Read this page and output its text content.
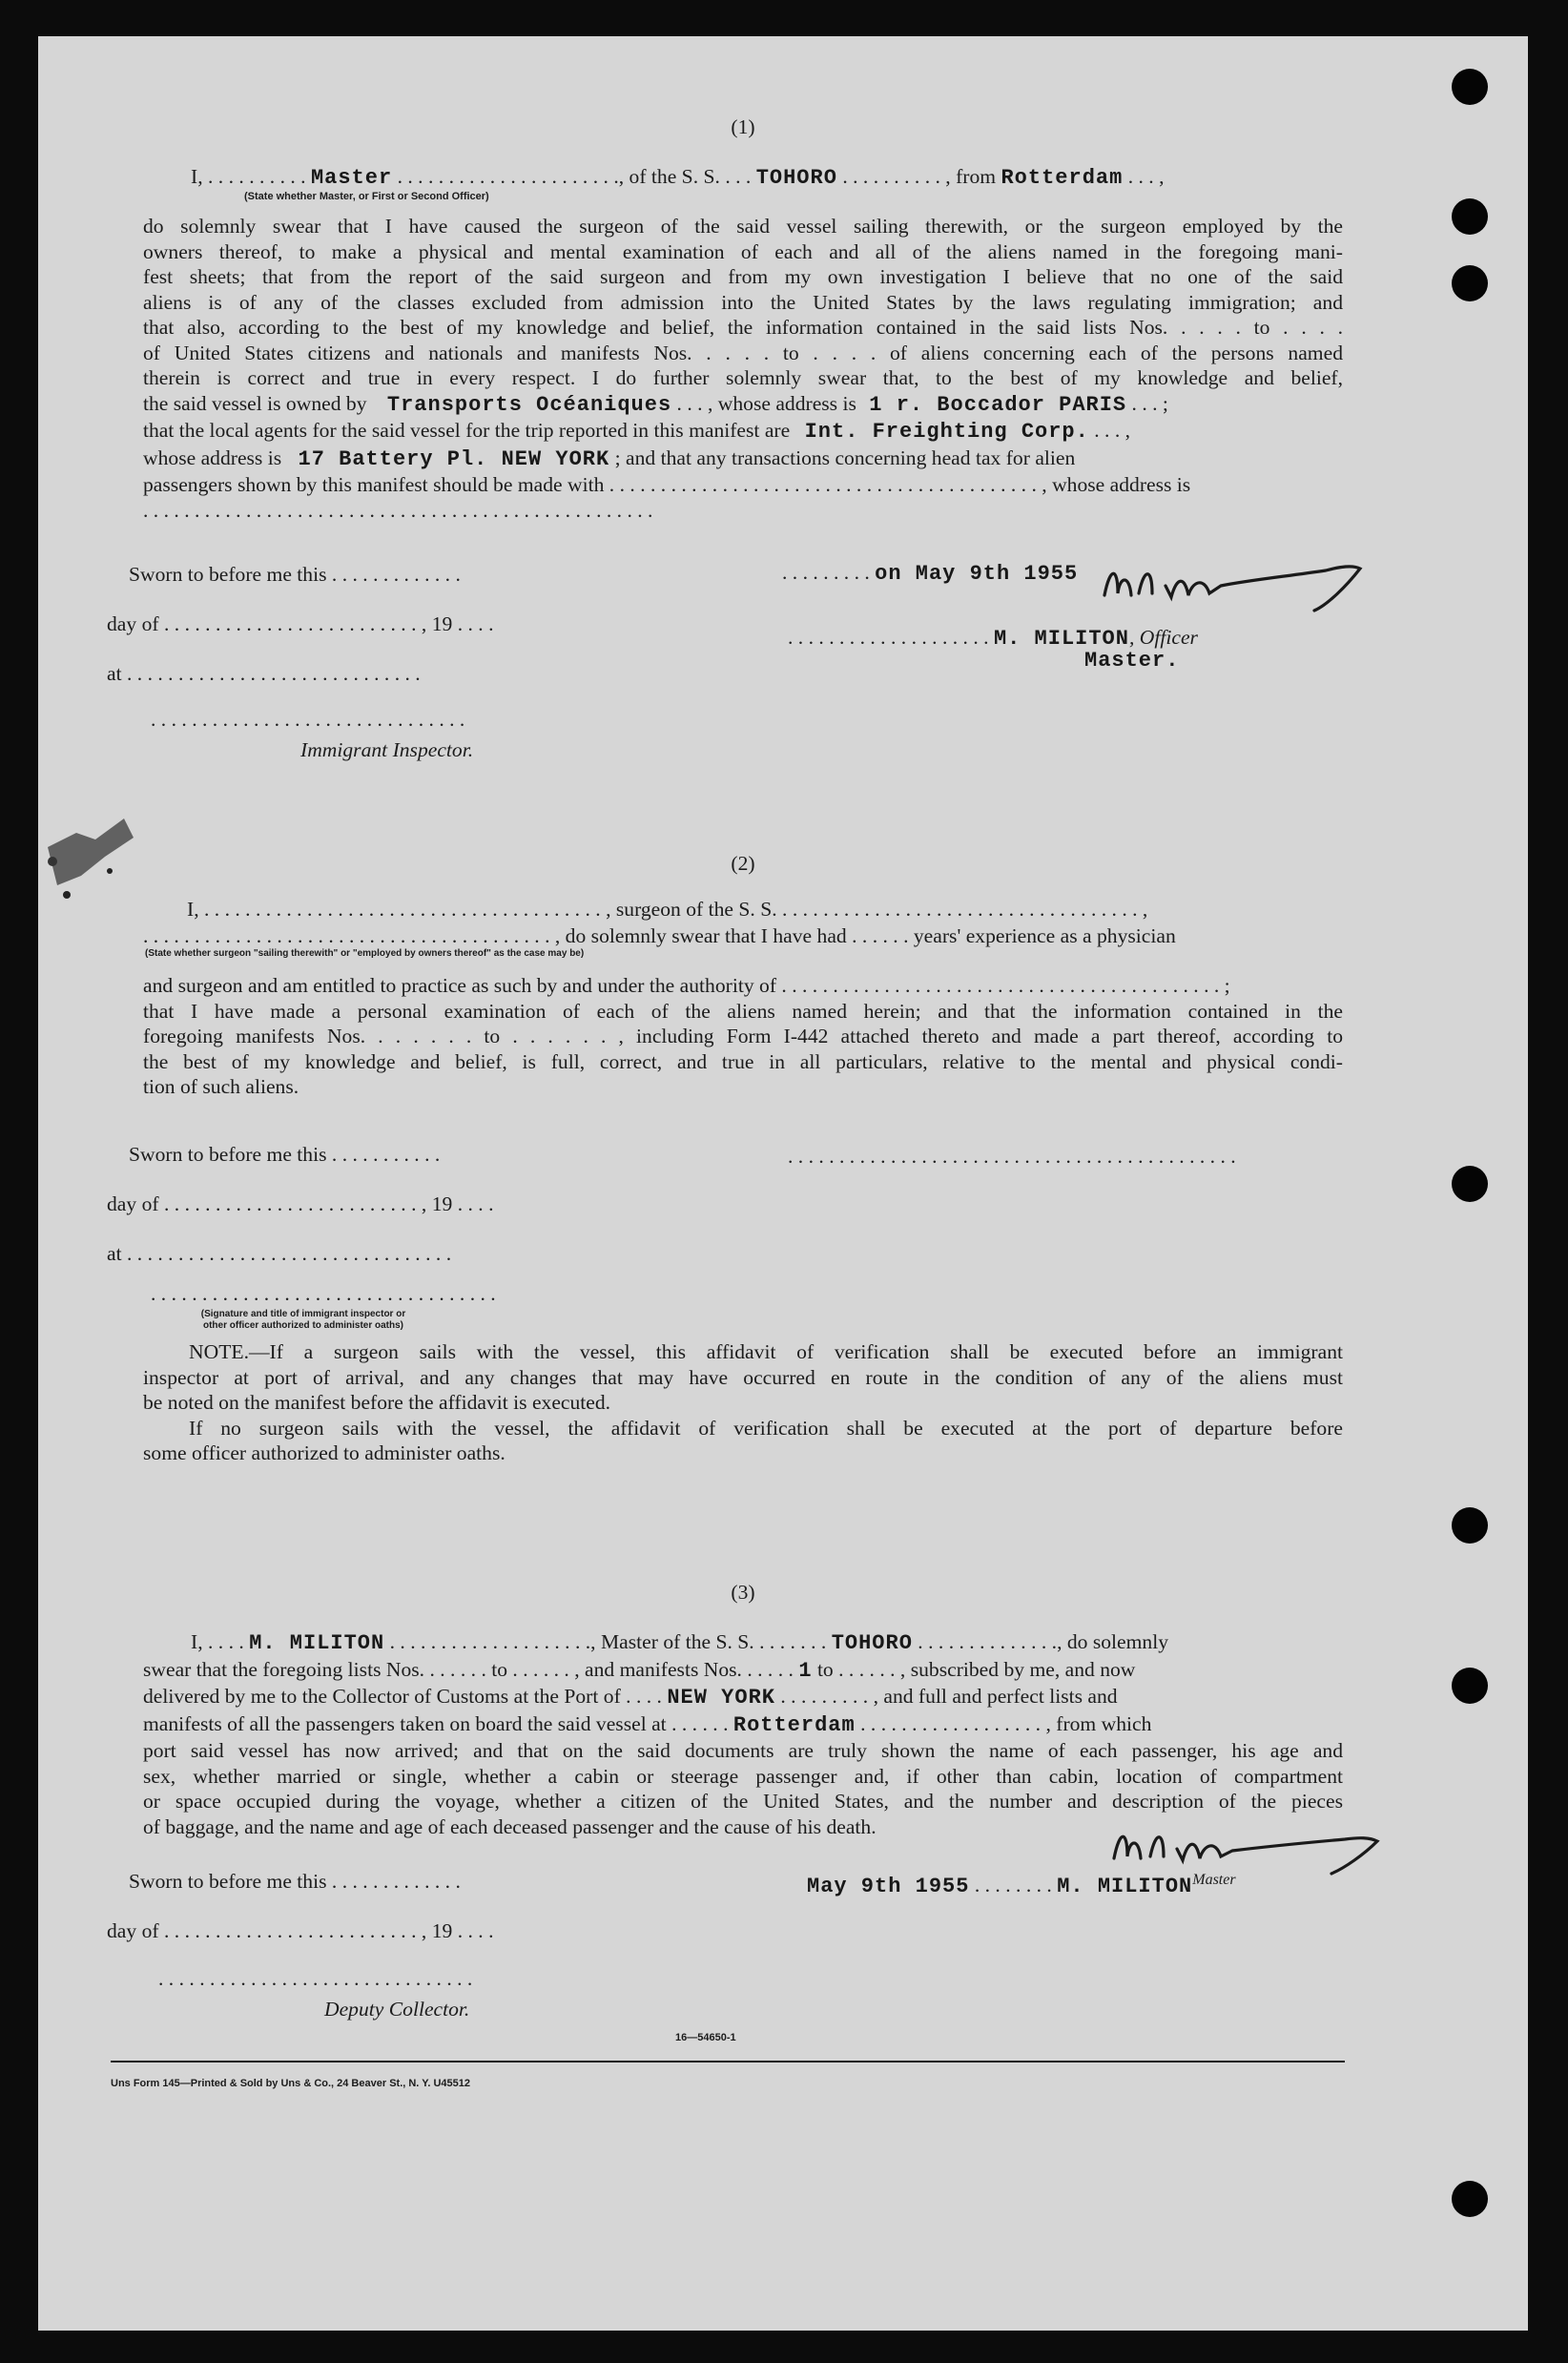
(1)
I, . . . . . . . . . . Master . . . . . . . . . . . . . . . . . . . . . ., of the S. S. . . . TOHORO . . . . . . . . . . , from Rotterdam . . . ,
(State whether Master, or First or Second Officer)
do solemnly swear that I have caused the surgeon of the said vessel sailing therewith, or the surgeon employed by the
owners thereof, to make a physical and mental examination of each and all of the aliens named in the foregoing mani-
fest sheets; that from the report of the said surgeon and from my own investigation I believe that no one of the said
aliens is of any of the classes excluded from admission into the United States by the laws regulating immigration; and
that also, according to the best of my knowledge and belief, the information contained in the said lists Nos. . . . . to . . . .
of United States citizens and nationals and manifests Nos. . . . . to . . . . of aliens concerning each of the persons named
therein is correct and true in every respect. I do further solemnly swear that, to the best of my knowledge and belief,
the said vessel is owned by Transports Océaniques . . . , whose address is 1 r. Boccador PARIS . . . ;
that the local agents for the said vessel for the trip reported in this manifest are Int. Freighting Corp. . . . ,
whose address is 17 Battery Pl. NEW YORK ; and that any transactions concerning head tax for alien
passengers shown by this manifest should be made with . . . . . . . . . . . . . . . . . . . . . . . . . . . . . . . . . . . . . . . . . . , whose address is
. . . . . . . . . . . . . . . . . . . . . . . . . . . . . . . . . . . . . . . . . . . . . . . . . .
Sworn to before me this . . . . . . . . . . . . .	. . . . . . . . . on May 9th 1955
day of . . . . . . . . . . . . . . . . . . . . . . . . . , 19 . . . .
. . . . . . . . . . . . . . . . . . . . M. MILITON, Officer
Master.
at . . . . . . . . . . . . . . . . . . . . . . . . . . . . .
. . . . . . . . . . . . . . . . . . . . . . . . . . . . . . .
Immigrant Inspector.
(2)
I, . . . . . . . . . . . . . . . . . . . . . . . . . . . . . . . . . . . . . . . , surgeon of the S. S. . . . . . . . . . . . . . . . . . . . . . . . . . . . . . . . . . . . ,
. . . . . . . . . . . . . . . . . . . . . . . . . . . . . . . . . . . . . . . . , do solemnly swear that I have had . . . . . . years' experience as a physician
(State whether surgeon "sailing therewith" or "employed by owners thereof" as the case may be)
and surgeon and am entitled to practice as such by and under the authority of . . . . . . . . . . . . . . . . . . . . . . . . . . . . . . . . . . . . . . . . . . . ;
that I have made a personal examination of each of the aliens named herein; and that the information contained in the
foregoing manifests Nos. . . . . . . to . . . . . . , including Form I-442 attached thereto and made a part thereof, according to
the best of my knowledge and belief, is full, correct, and true in all particulars, relative to the mental and physical condi-
tion of such aliens.
Sworn to before me this . . . . . . . . . . .	. . . . . . . . . . . . . . . . . . . . . . . . . . . . . . . . . . . . . . . . . . . .
day of . . . . . . . . . . . . . . . . . . . . . . . . . , 19 . . . .
at . . . . . . . . . . . . . . . . . . . . . . . . . . . . . . . .
. . . . . . . . . . . . . . . . . . . . . . . . . . . . . . . . . .
(Signature and title of immigrant inspector or
other officer authorized to administer oaths)
NOTE.—If a surgeon sails with the vessel, this affidavit of verification shall be executed before an immigrant
inspector at port of arrival, and any changes that may have occurred en route in the condition of any of the aliens must
be noted on the manifest before the affidavit is executed.
If no surgeon sails with the vessel, the affidavit of verification shall be executed at the port of departure before
some officer authorized to administer oaths.
(3)
I, . . . . M. MILITON . . . . . . . . . . . . . . . . . . . ., Master of the S. S. . . . . . . . TOHORO . . . . . . . . . . . . . ., do solemnly
swear that the foregoing lists Nos. . . . . . . to . . . . . . , and manifests Nos. . . . . . 1 to . . . . . . , subscribed by me, and now
delivered by me to the Collector of Customs at the Port of . . . . NEW YORK . . . . . . . . . , and full and perfect lists and
manifests of all the passengers taken on board the said vessel at . . . . . . Rotterdam . . . . . . . . . . . . . . . . . . , from which
port said vessel has now arrived; and that on the said documents are truly shown the name of each passenger, his age and
sex, whether married or single, whether a cabin or steerage passenger and, if other than cabin, location of compartment
or space occupied during the voyage, whether a citizen of the United States, and the number and description of the pieces
of baggage, and the name and age of each deceased passenger and the cause of his death.
Sworn to before me this . . . . . . . . . . . . .	May 9th 1955 . . . . . . . . M. $MILITON^{Master}$
day of . . . . . . . . . . . . . . . . . . . . . . . . . , 19 . . . .
. . . . . . . . . . . . . . . . . . . . . . . . . . . . . . .
Deputy Collector.
16—54650-1
Uns Form 145—Printed & Sold by Uns & Co., 24 Beaver St., N. Y. U45512
